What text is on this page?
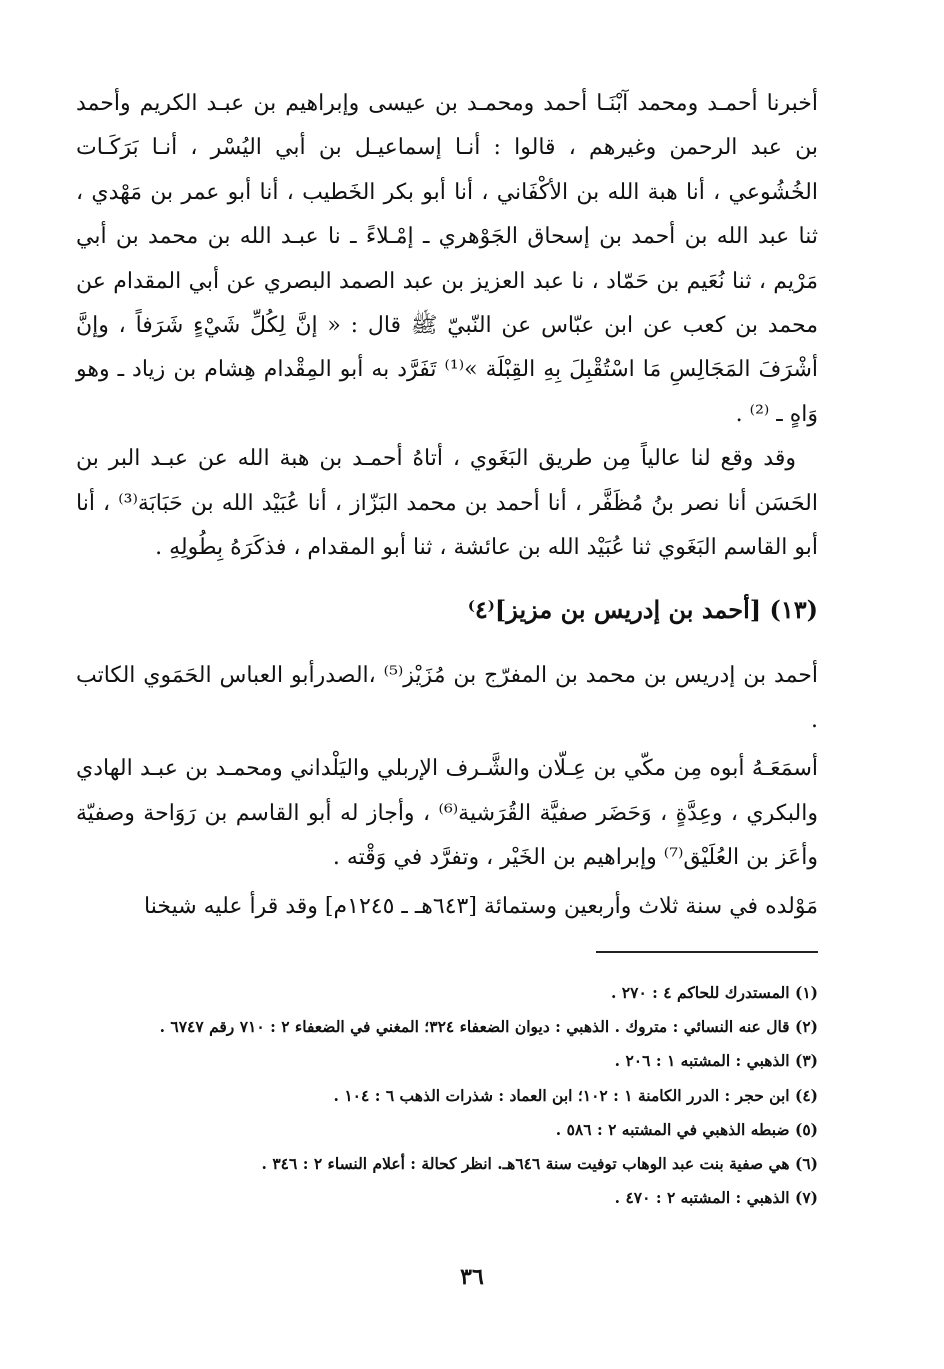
أخبرنا أحمـد ومحمد آبْنَـا أحمد ومحمـد بن عيسى وإبراهيم بن عبـد الكريم وأحمد بن عبد الرحمن وغيرهم ، قالوا : أنـا إسماعيـل بن أبي اليُسْر ، أنـا بَرَكَـات الخُشُوعي ، أنا هبة الله بن الأكْفَاني ، أنا أبو بكر الخَطيب ، أنا أبو عمر بن مَهْدي ، ثنا عبد الله بن أحمد بن إسحاق الجَوْهري ـ إمْـلاءً ـ نا عبـد الله بن محمد بن أبي مَرْيم ، ثنا نُعَيم بن حَمّاد ، نا عبد العزيز بن عبد الصمد البصري عن أبي المقدام عن محمد بن كعب عن ابن عبّاس عن النّبيّ ﷺ قال : « إنَّ لِكُلِّ شَيْءٍ شَرَفاً ، وإنَّ أشْرَفَ المَجَالِسِ مَا اسْتُقْبِلَ بِهِ القِبْلَة »⁽¹⁾ تَفَرَّد به أبو المِقْدام هِشام بن زياد ـ وهو وَاهٍ ـ ⁽²⁾ .

وقد وقع لنا عالياً مِن طريق البَغَوي ، أتاهُ أحمـد بن هبة الله عن عبـد البر بن الحَسَن أنا نصر بنُ مُظَفَّر ، أنا أحمد بن محمد البَزّاز ، أنا عُبَيْد الله بن حَبَابَة⁽³⁾ ، أنا أبو القاسم البَغَوي ثنا عُبَيْد الله بن عائشة ، ثنا أبو المقدام ، فذكَرَهُ بِطُولِهِ .

(١٣) [أحمد بن إدريس بن مزيز]⁽٤⁾

أحمد بن إدريس بن محمد بن المفرّج بن مُزَيْز⁽⁵⁾ ،الصدرأبو العباس الحَمَوي الكاتب .

أسمَعَـهُ أبوه مِن مكّي بن عِـلّان والشَّـرف الإربلي واليَلْداني ومحمـد بن عبـد الهادي والبكري ، وعِدَّةٍ ، وَحَضَر صفيَّة القُرَشية⁽⁶⁾ ، وأجاز له أبو القاسم بن رَوَاحة وصفيّة وأعَز بن العُلَيْق⁽⁷⁾ وإبراهيم بن الخَيْر ، وتفرَّد في وَقْته .

مَوْلده في سنة ثلاث وأربعين وستمائة [٦٤٣هـ ـ ١٢٤٥م] وقد قرأ عليه شيخنا

(١) المستدرك للحاكم ٤ : ٢٧٠ .

(٢) قال عنه النسائي : متروك . الذهبي : ديوان الضعفاء ٣٢٤؛ المغني في الضعفاء ٢ : ٧١٠ رقم ٦٧٤٧ .

(٣) الذهبي : المشتبه ١ : ٢٠٦ .

(٤) ابن حجر : الدرر الكامنة ١ : ١٠٢؛ ابن العماد : شذرات الذهب ٦ : ١٠٤ .

(٥) ضبطه الذهبي في المشتبه ٢ : ٥٨٦ .

(٦) هي صفية بنت عبد الوهاب توفيت سنة ٦٤٦هـ. انظر كحالة : أعلام النساء ٢ : ٣٤٦ .

(٧) الذهبي : المشتبه ٢ : ٤٧٠ .

٣٦
